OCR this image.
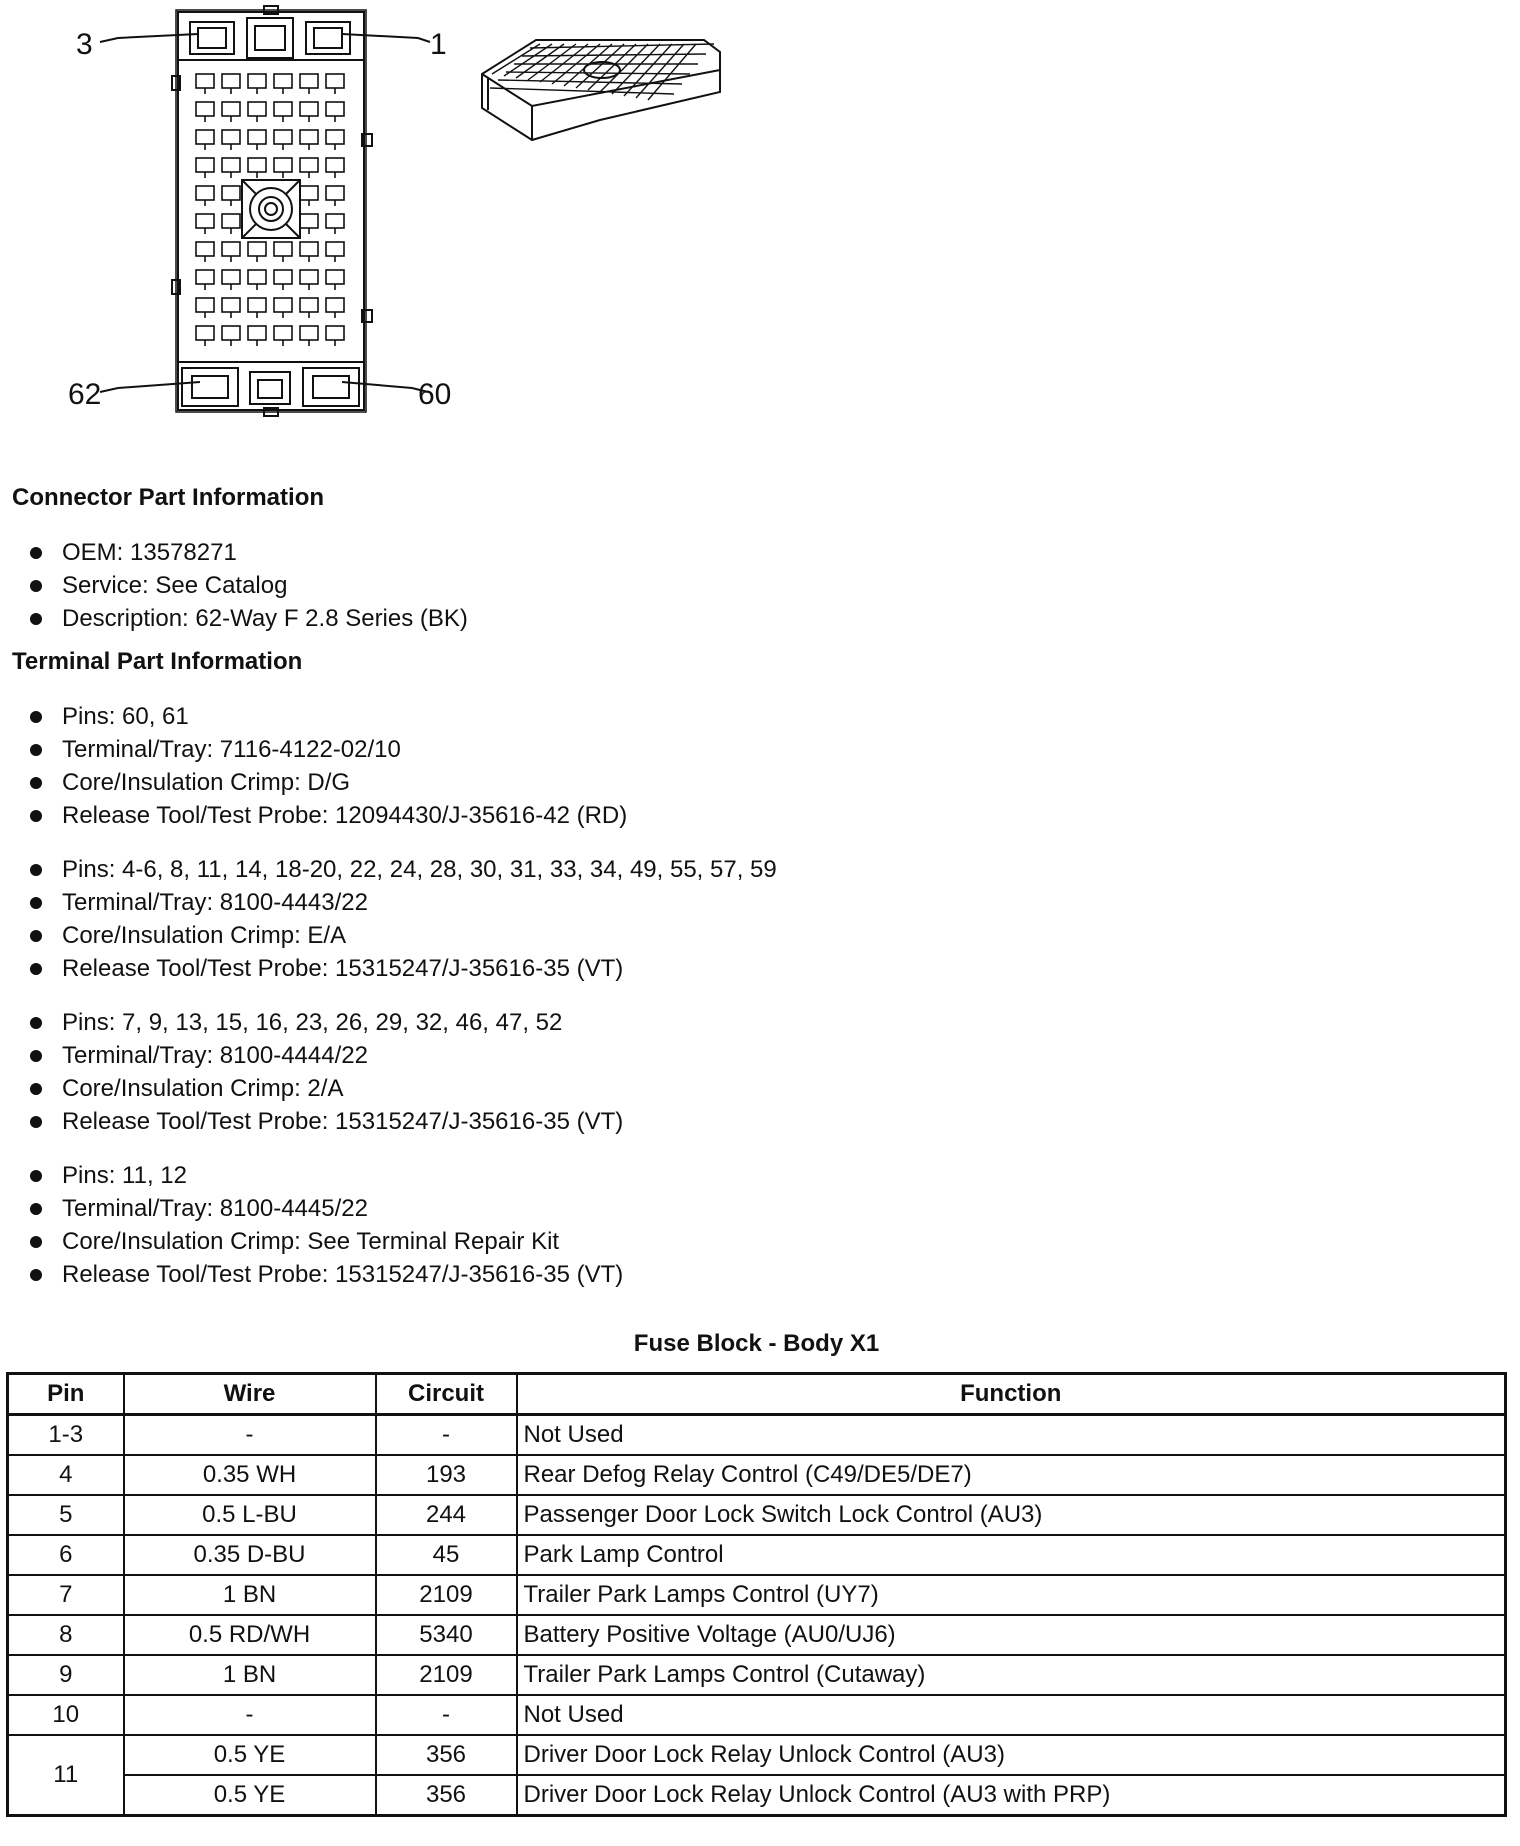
3	1
62	60
Connector Part Information
OEM: 13578271
Service: See Catalog
Description: 62-Way F 2.8 Series (BK)
Terminal Part Information
Pins: 60, 61
Terminal/Tray: 7116-4122-02/10
Core/Insulation Crimp: D/G
Release Tool/Test Probe: 12094430/J-35616-42 (RD)
Pins: 4-6, 8, 11, 14, 18-20, 22, 24, 28, 30, 31, 33, 34, 49, 55, 57, 59
Terminal/Tray: 8100-4443/22
Core/Insulation Crimp: E/A
Release Tool/Test Probe: 15315247/J-35616-35 (VT)
Pins: 7, 9, 13, 15, 16, 23, 26, 29, 32, 46, 47, 52
Terminal/Tray: 8100-4444/22
Core/Insulation Crimp: 2/A
Release Tool/Test Probe: 15315247/J-35616-35 (VT)
Pins: 11, 12
Terminal/Tray: 8100-4445/22
Core/Insulation Crimp: See Terminal Repair Kit
Release Tool/Test Probe: 15315247/J-35616-35 (VT)
Fuse Block - Body X1
Pin	Wire	Circuit	Function
1-3	-	-	Not Used
4	0.35 WH	193	Rear Defog Relay Control (C49/DE5/DE7)
5	0.5 L-BU	244	Passenger Door Lock Switch Lock Control (AU3)
6	0.35 D-BU	45	Park Lamp Control
7	1 BN	2109	Trailer Park Lamps Control (UY7)
8	0.5 RD/WH	5340	Battery Positive Voltage (AU0/UJ6)
9	1 BN	2109	Trailer Park Lamps Control (Cutaway)
10	-	-	Not Used
11	0.5 YE	356	Driver Door Lock Relay Unlock Control (AU3)
	0.5 YE	356	Driver Door Lock Relay Unlock Control (AU3 with PRP)
